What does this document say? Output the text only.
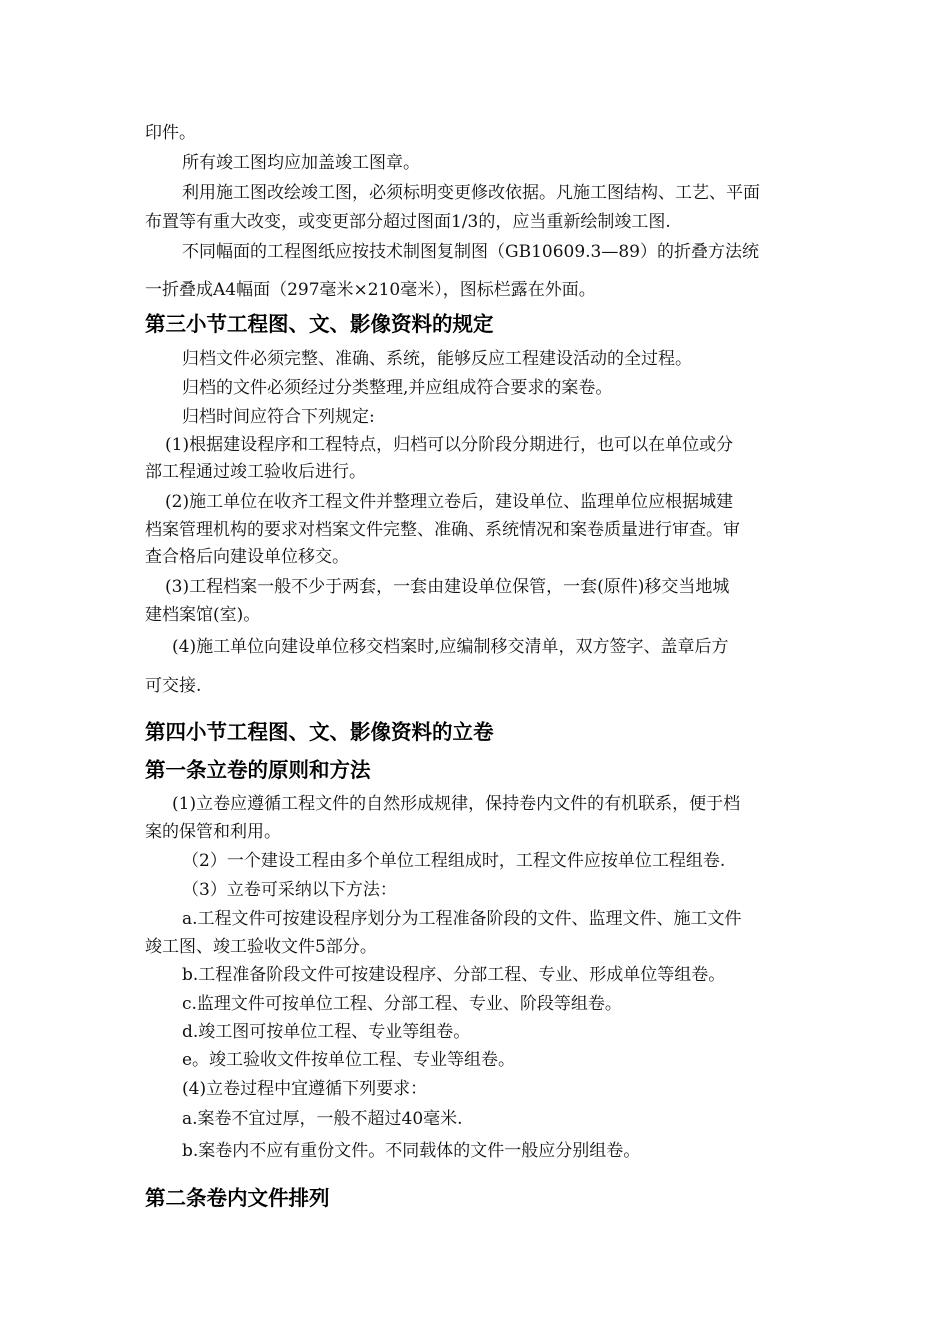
印件。
所有竣工图均应加盖竣工图章。
利用施工图改绘竣工图，必须标明变更修改依据。凡施工图结构、工艺、平面
布置等有重大改变，或变更部分超过图面1/3的，应当重新绘制竣工图.
不同幅面的工程图纸应按技术制图复制图（GB10609.3—89）的折叠方法统
一折叠成A4幅面（297毫米×210毫米），图标栏露在外面。
第三小节工程图、文、影像资料的规定
归档文件必须完整、准确、系统，能够反应工程建设活动的全过程。
归档的文件必须经过分类整理,并应组成符合要求的案卷。
归档时间应符合下列规定:
(1)根据建设程序和工程特点，归档可以分阶段分期进行，也可以在单位或分
部工程通过竣工验收后进行。
(2)施工单位在收齐工程文件并整理立卷后，建设单位、监理单位应根据城建
档案管理机构的要求对档案文件完整、准确、系统情况和案卷质量进行审查。审
查合格后向建设单位移交。
(3)工程档案一般不少于两套，一套由建设单位保管，一套(原件)移交当地城
建档案馆(室)。
(4)施工单位向建设单位移交档案时,应编制移交清单，双方签字、盖章后方
可交接.
第四小节工程图、文、影像资料的立卷
第一条立卷的原则和方法
(1)立卷应遵循工程文件的自然形成规律，保持卷内文件的有机联系，便于档
案的保管和利用。
（2）一个建设工程由多个单位工程组成时，工程文件应按单位工程组卷.
（3）立卷可采纳以下方法：
a.工程文件可按建设程序划分为工程准备阶段的文件、监理文件、施工文件
竣工图、竣工验收文件5部分。
b.工程准备阶段文件可按建设程序、分部工程、专业、形成单位等组卷。
c.监理文件可按单位工程、分部工程、专业、阶段等组卷。
d.竣工图可按单位工程、专业等组卷。
e。竣工验收文件按单位工程、专业等组卷。
(4)立卷过程中宜遵循下列要求：
a.案卷不宜过厚，一般不超过40毫米.
b.案卷内不应有重份文件。不同载体的文件一般应分别组卷。
第二条卷内文件排列
